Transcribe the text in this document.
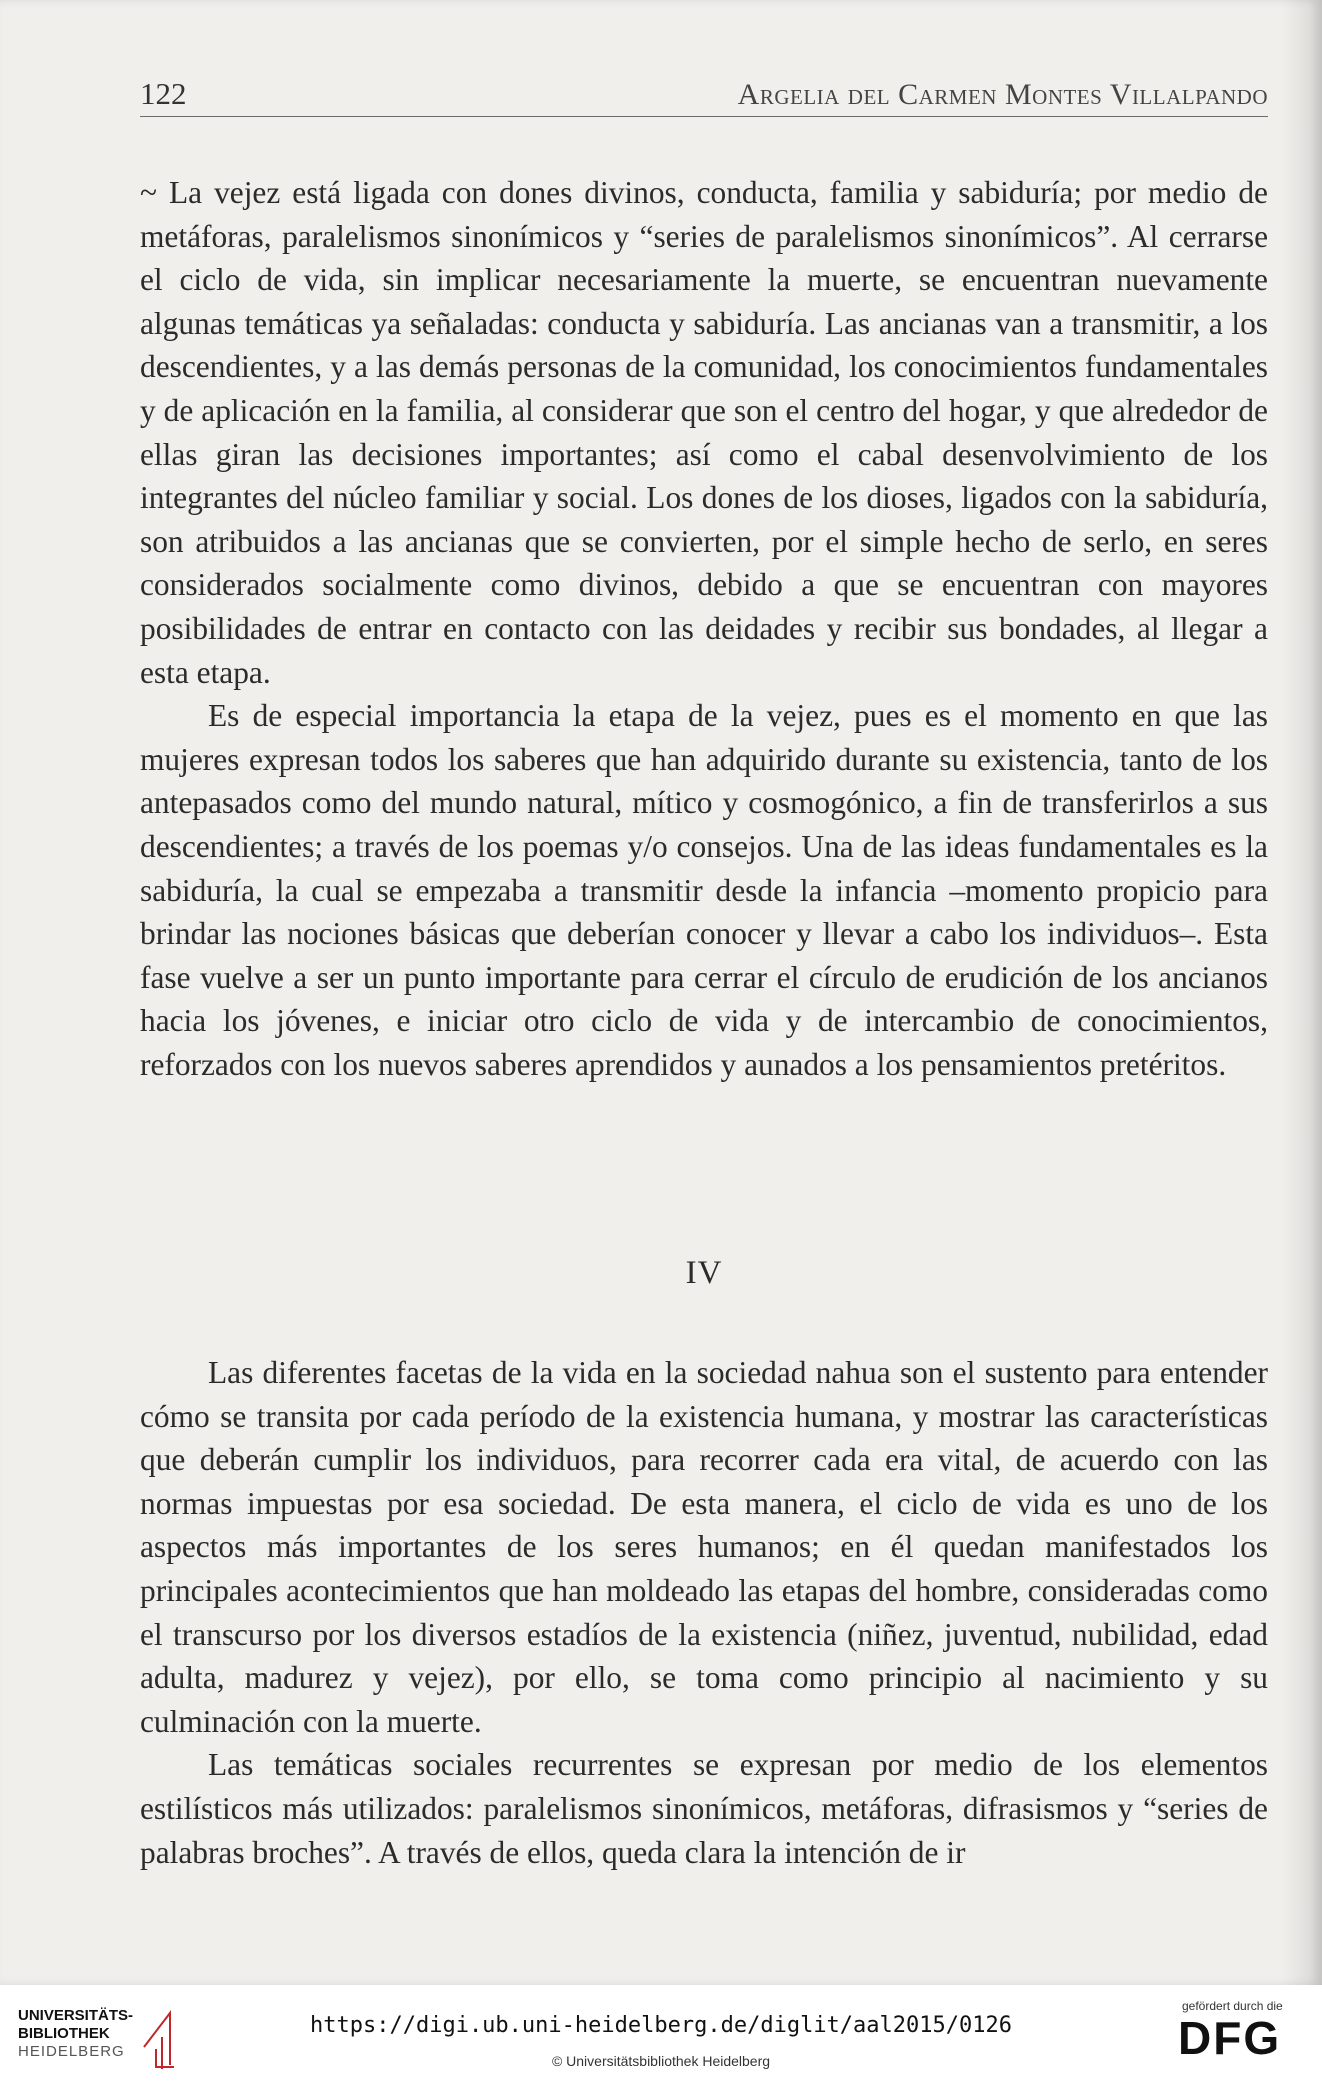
122	Argelia del Carmen Montes Villalpando

~ La vejez está ligada con dones divinos, conducta, familia y sabiduría; por medio de metáforas, paralelismos sinonímicos y “series de paralelismos sinonímicos”. Al cerrarse el ciclo de vida, sin implicar necesariamente la muerte, se encuentran nuevamente algunas temáticas ya señaladas: conducta y sabiduría. Las ancianas van a transmitir, a los descendientes, y a las demás personas de la comunidad, los conocimientos fundamentales y de aplicación en la familia, al considerar que son el centro del hogar, y que alrededor de ellas giran las decisiones importantes; así como el cabal desenvolvimiento de los integrantes del núcleo familiar y social. Los dones de los dioses, ligados con la sabiduría, son atribuidos a las ancianas que se convierten, por el simple hecho de serlo, en seres considerados socialmente como divinos, debido a que se encuentran con mayores posibilidades de entrar en contacto con las deidades y recibir sus bondades, al llegar a esta etapa.

Es de especial importancia la etapa de la vejez, pues es el momento en que las mujeres expresan todos los saberes que han adquirido durante su existencia, tanto de los antepasados como del mundo natural, mítico y cosmogónico, a fin de transferirlos a sus descendientes; a través de los poemas y/o consejos. Una de las ideas fundamentales es la sabiduría, la cual se empezaba a transmitir desde la infancia –momento propicio para brindar las nociones básicas que deberían conocer y llevar a cabo los individuos–. Esta fase vuelve a ser un punto importante para cerrar el círculo de erudición de los ancianos hacia los jóvenes, e iniciar otro ciclo de vida y de intercambio de conocimientos, reforzados con los nuevos saberes aprendidos y aunados a los pensamientos pretéritos.

IV

Las diferentes facetas de la vida en la sociedad nahua son el sustento para entender cómo se transita por cada período de la existencia humana, y mostrar las características que deberán cumplir los individuos, para recorrer cada era vital, de acuerdo con las normas impuestas por esa sociedad. De esta manera, el ciclo de vida es uno de los aspectos más importantes de los seres humanos; en él quedan manifestados los principales acontecimientos que han moldeado las etapas del hombre, consideradas como el transcurso por los diversos estadíos de la existencia (niñez, juventud, nubilidad, edad adulta, madurez y vejez), por ello, se toma como principio al nacimiento y su culminación con la muerte.

Las temáticas sociales recurrentes se expresan por medio de los elementos estilísticos más utilizados: paralelismos sinonímicos, metáforas, difrasismos y “series de palabras broches”. A través de ellos, queda clara la intención de ir

UNIVERSITÄTS-
BIBLIOTHEK
HEIDELBERG
https://digi.ub.uni-heidelberg.de/diglit/aal2015/0126
© Universitätsbibliothek Heidelberg
gefördert durch die
DFG
